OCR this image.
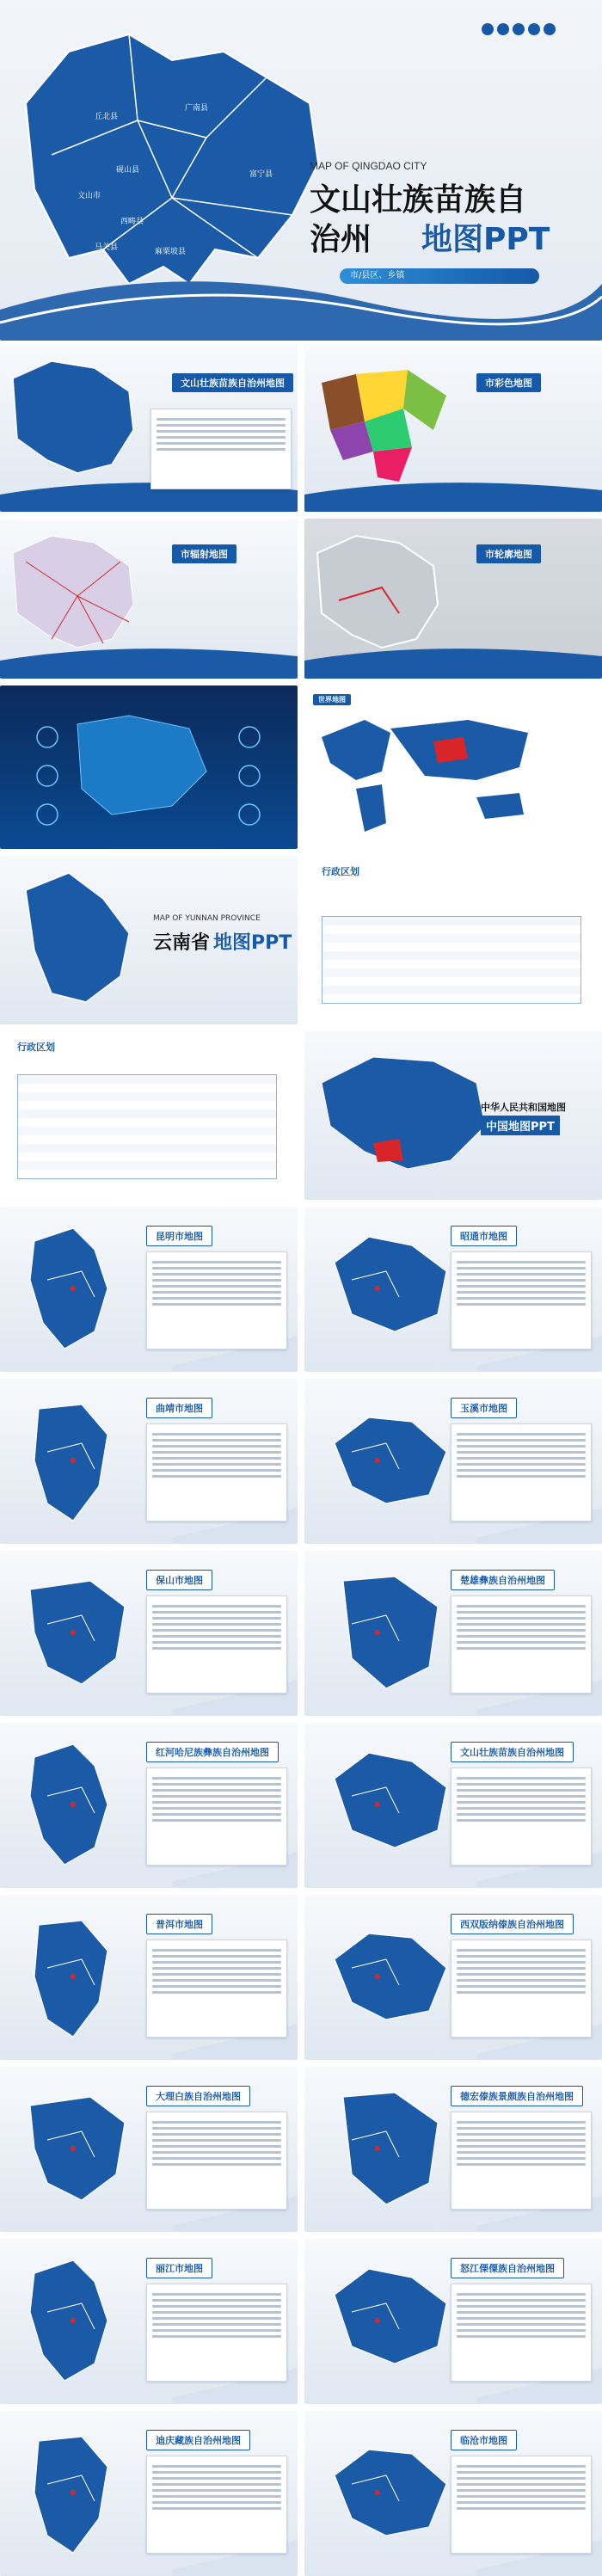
丘北县
广南县
砚山县
文山市
西畴县
马关县	麻栗坡县
富宁县
MAP OF QINGDAO CITY
文山壮族苗族自
治州 地图PPT
市/县区、乡镇
文山壮族苗族自治州地图	市彩色地图
市辐射地图	市轮廓地图
世界地图
MAP OF YUNNAN PROVINCE
云南省 地图PPT
行政区划
行政区划
中华人民共和国地图
中国地图PPT
昆明市地图	昭通市地图
曲靖市地图	玉溪市地图
保山市地图	楚雄彝族自治州地图
红河哈尼族彝族自治州地图	文山壮族苗族自治州地图
普洱市地图	西双版纳傣族自治州地图
大理白族自治州地图	德宏傣族景颇族自治州地图
丽江市地图	怒江傈僳族自治州地图
迪庆藏族自治州地图	临沧市地图
